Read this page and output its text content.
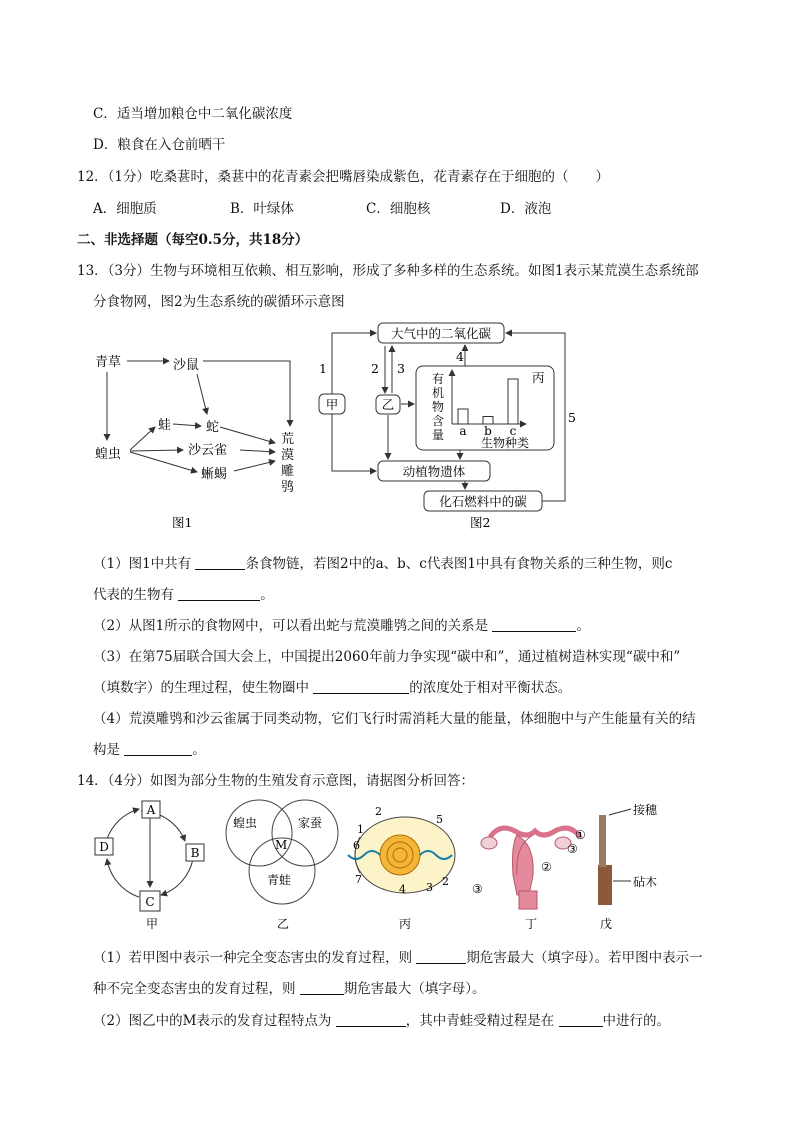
C．适当增加粮仓中二氧化碳浓度
D．粮食在入仓前晒干
12．（1分）吃桑葚时，桑葚中的花青素会把嘴唇染成紫色，花青素存在于细胞的（　　）
A．细胞质	B．叶绿体	C．细胞核	D．液泡
二、非选择题（每空0.5分，共18分）
13．（3分）生物与环境相互依赖、相互影响，形成了多种多样的生态系统。如图1表示某荒漠生态系统部
分食物网，图2为生态系统的碳循环示意图
青草	沙鼠
蝗虫
蛙	蛇
沙云雀
蜥蜴
荒
漠
雕
鸮
图1
大气中的二氧化碳
甲	乙
丙
动植物遗体
化石燃料中的碳
1	2 3
4
5
有
机
物
含
量 a b c
生物种类
图2
（1）图1中共有	条食物链，若图2中的a、b、c代表图1中具有食物关系的三种生物，则c
代表的生物有	。
（2）从图1所示的食物网中，可以看出蛇与荒漠雕鸮之间的关系是	。
（3）在第75届联合国大会上，中国提出2060年前力争实现“碳中和”，通过植树造林实现“碳中和”
（填数字）的生理过程，使生物圈中	的浓度处于相对平衡状态。
（4）荒漠雕鸮和沙云雀属于同类动物，它们飞行时需消耗大量的能量，体细胞中与产生能量有关的结
构是	。
14．（4分）如图为部分生物的生殖发育示意图，请据图分析回答：
A
B
C
D
甲
蝗虫	家蚕
青蛙
M
乙
2
5
1
6
7
4 3 2
丙
①
③
②
③
丁
接穗
砧木
戊
（1）若甲图中表示一种完全变态害虫的发育过程，则	期危害最大（填字母）。若甲图中表示一
种不完全变态害虫的发育过程，则	期危害最大（填字母）。
（2）图乙中的M表示的发育过程特点为	，其中青蛙受精过程是在	中进行的。
